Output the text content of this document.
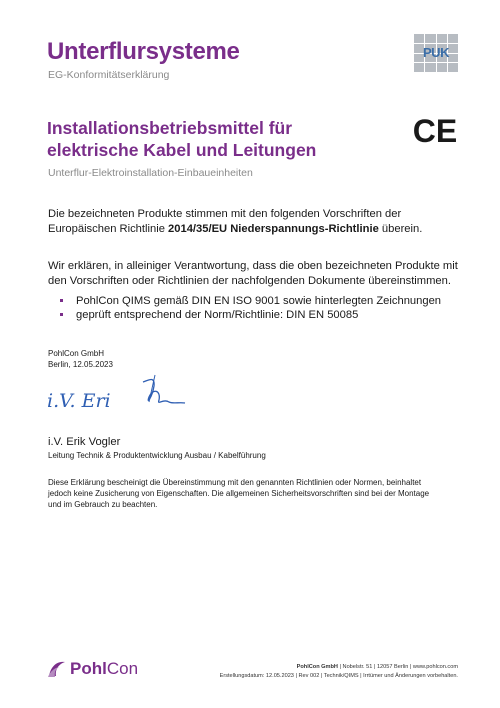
Unterflursysteme
EG-Konformitätserklärung
PUK
Installationsbetriebsmittel für
elektrische Kabel und Leitungen
CE
Unterflur-Elektroinstallation-Einbaueinheiten
Die bezeichneten Produkte stimmen mit den folgenden Vorschriften der
Europäischen Richtlinie 2014/35/EU Niederspannungs-Richtlinie überein.
Wir erklären, in alleiniger Verantwortung, dass die oben bezeichneten Produkte mit
den Vorschriften oder Richtlinien der nachfolgenden Dokumente übereinstimmen.
PohlCon QIMS gemäß DIN EN ISO 9001 sowie hinterlegten Zeichnungen
geprüft entsprechend der Norm/Richtlinie: DIN EN 50085
PohlCon GmbH
Berlin, 12.05.2023
i.V. Eri
i.V. Erik Vogler
Leitung Technik & Produktentwicklung Ausbau / Kabelführung
Diese Erklärung bescheinigt die Übereinstimmung mit den genannten Richtlinien oder Normen, beinhaltet
jedoch keine Zusicherung von Eigenschaften. Die allgemeinen Sicherheitsvorschriften sind bei der Montage
und im Gebrauch zu beachten.
PohlCon	PohlCon GmbH | Nobelstr. 51 | 12057 Berlin | www.pohlcon.com
Erstellungsdatum: 12.05.2023 | Rev 002 | Technik/QIMS | Irrtümer und Änderungen vorbehalten.
